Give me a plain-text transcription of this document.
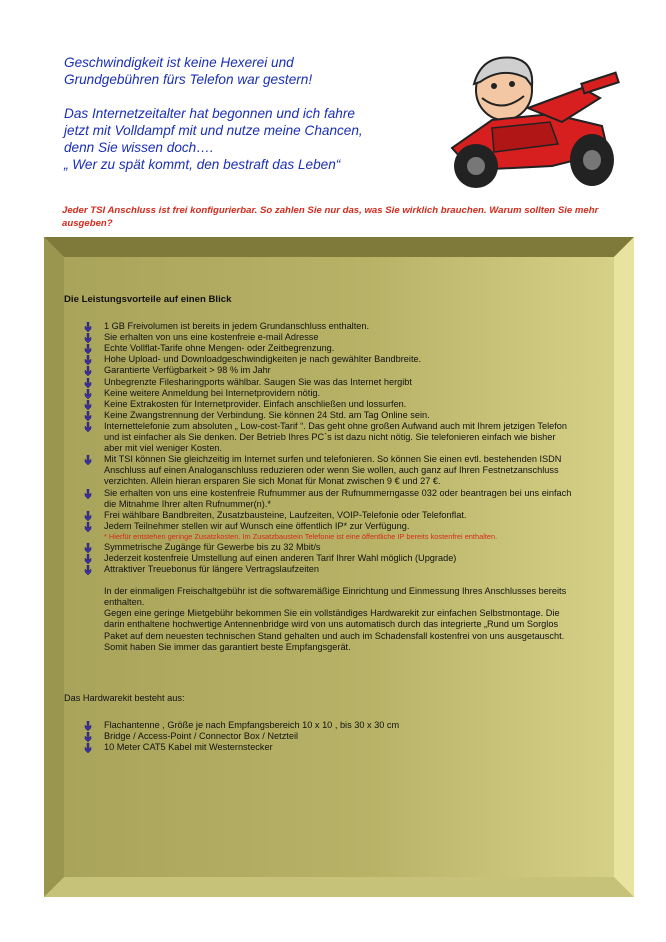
Geschwindigkeit ist keine Hexerei und

Grundgebühren fürs Telefon war gestern!

Das Internetzeitalter hat begonnen und ich fahre

jetzt mit Volldampf mit und nutze meine Chancen,

denn Sie wissen doch….

„ Wer zu spät kommt, den bestraft das Leben“

Jeder TSI Anschluss ist frei konfigurierbar. So zahlen Sie nur das, was Sie wirklich brauchen. Warum sollten Sie mehr ausgeben?
Die Leistungsvorteile auf einen Blick
1 GB Freivolumen ist bereits in jedem Grundanschluss enthalten.
Sie erhalten von uns eine kostenfreie e-mail Adresse
Echte Vollflat-Tarife ohne Mengen- oder Zeitbegrenzung.
Hohe Upload- und Downloadgeschwindigkeiten je nach gewählter Bandbreite.
Garantierte Verfügbarkeit > 98 % im Jahr
Unbegrenzte Filesharingports wählbar. Saugen Sie was das Internet hergibt
Keine weitere Anmeldung bei Internetprovidern nötig.
Keine Extrakosten für Internetprovider. Einfach anschließen und lossurfen.
Keine Zwangstrennung der Verbindung. Sie können 24 Std. am Tag Online sein.
Internettelefonie zum absoluten „ Low-cost-Tarif “. Das geht ohne großen Aufwand auch mit Ihrem jetzigen Telefon und ist einfacher als Sie denken. Der Betrieb Ihres PC`s ist dazu nicht nötig. Sie telefonieren einfach wie bisher aber mit viel weniger Kosten.
Mit TSI können Sie gleichzeitig im Internet surfen und telefonieren. So können Sie einen evtl. bestehenden ISDN Anschluss auf einen Analoganschluss reduzieren oder wenn Sie wollen, auch ganz auf Ihren Festnetzanschluss verzichten. Allein hieran ersparen Sie sich Monat für Monat zwischen 9 € und 27 €.
Sie erhalten von uns eine kostenfreie Rufnummer aus der Rufnummerngasse 032 oder beantragen bei uns einfach die Mitnahme Ihrer alten Rufnummer(n).*
Frei wählbare Bandbreiten, Zusatzbausteine, Laufzeiten, VOIP-Telefonie oder Telefonflat.
Jedem Teilnehmer stellen wir auf Wunsch eine öffentlich IP* zur Verfügung.
* Hierfür entstehen geringe Zusatzkosten. Im Zusatzbaustein Telefonie ist eine öffentliche IP bereits kostenfrei enthalten.
Symmetrische Zugänge für Gewerbe bis zu 32 Mbit/s
Jederzeit kostenfreie Umstellung auf einen anderen Tarif Ihrer Wahl möglich (Upgrade)
Attraktiver Treuebonus für längere Vertragslaufzeiten

In der einmaligen Freischaltgebühr ist die softwaremäßige Einrichtung und Einmessung Ihres Anschlusses bereits enthalten.

Gegen eine geringe Mietgebühr bekommen Sie ein vollständiges Hardwarekit zur einfachen Selbstmontage. Die darin enthaltene hochwertige Antennenbridge wird von uns automatisch durch das integrierte „Rund um Sorglos Paket auf dem neuesten technischen Stand gehalten und auch im Schadensfall kostenfrei von uns ausgetauscht. Somit haben Sie immer das garantiert beste Empfangsgerät.

Das Hardwarekit besteht aus:
Flachantenne , Größe je nach Empfangsbereich 10 x 10 , bis 30 x 30 cm
Bridge / Access-Point / Connector Box / Netzteil
10 Meter CAT5 Kabel mit Westernstecker
